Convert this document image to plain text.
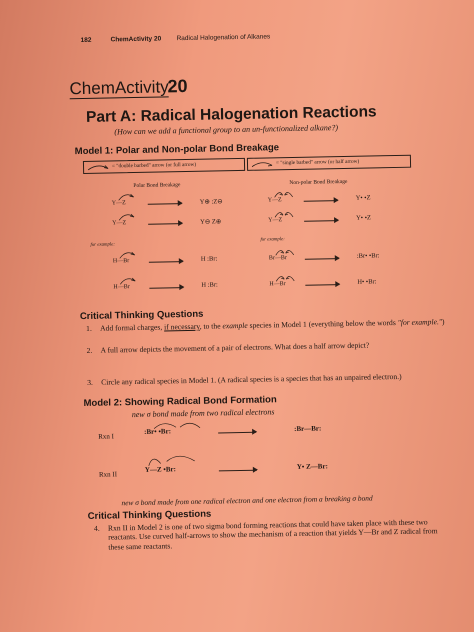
182	ChemActivity 20 Radical Halogenation of Alkanes
ChemActivity
20
Part A: Radical Halogenation Reactions
(How can we add a functional group to an un-functionalized alkane?)
Model 1: Polar and Non-polar Bond Breakage
= "double barbed" arrow (or full arrow)	= "single barbed" arrow (or half arrow)
Polar Bond Breakage	Non-polar Bond Breakage
Y—Z	Y⊕ :Z⊖
Y—Z	Y⊖ Z⊕
H—Br	H :Br:
H—Br	H :Br:
Y—Z	Y• •Z
Y—Z	Y• •Z
Br—Br	:Br• •Br:
H—Br	H• •Br:
for example:
for example:
Critical Thinking Questions
1. Add formal charges, if necessary, to the example species in Model 1 (everything below the words "for example.")
2. A full arrow depicts the movement of a pair of electrons. What does a half arrow depict?
3. Circle any radical species in Model 1. (A radical species is a species that has an unpaired electron.)
Model 2: Showing Radical Bond Formation
new σ bond made from two radical electrons
Rxn I
:Br• •Br:	:Br—Br:
Rxn II
Y—Z •Br:	Y• Z—Br:
new σ bond made from one radical electron and one electron from a breaking σ bond
Critical Thinking Questions
4. Rxn II in Model 2 is one of two sigma bond forming reactions that could have taken place with these two reactants. Use curved half-arrows to show the mechanism of a reaction that yields Y—Br and Z radical from these same reactants.
